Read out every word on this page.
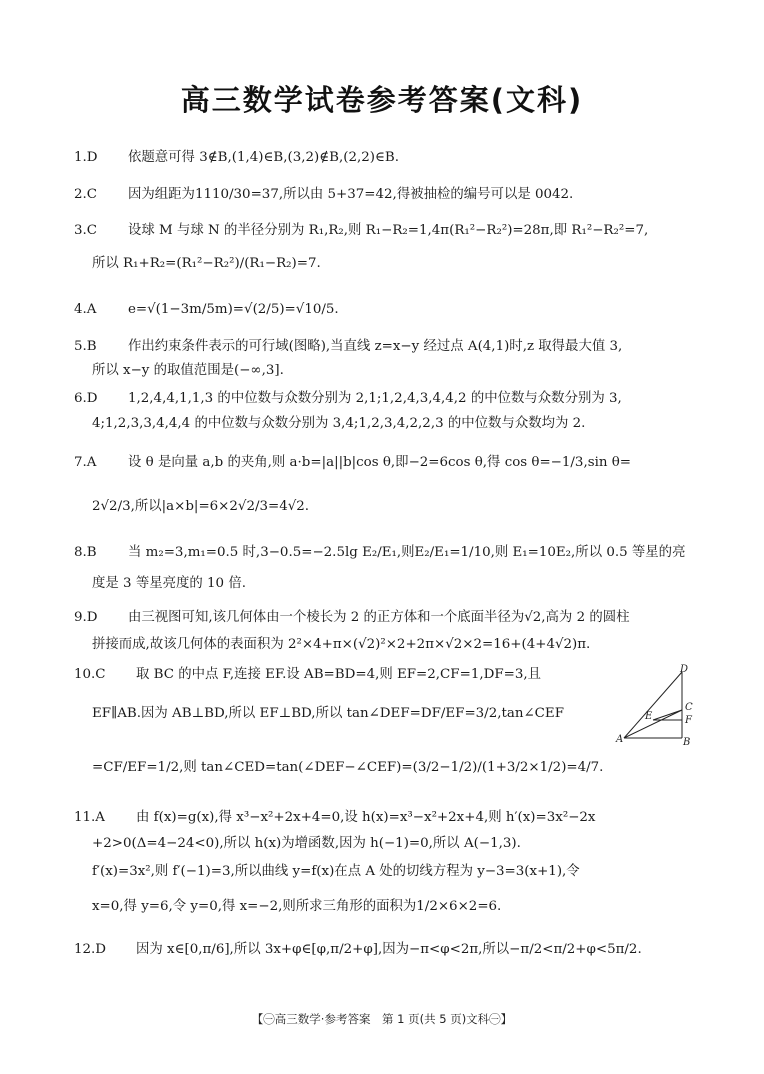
高三数学试卷参考答案(文科)
1.D 依题意可得 3∉B,(1,4)∈B,(3,2)∉B,(2,2)∈B.
2.C 因为组距为1110/30=37,所以由 5+37=42,得被抽检的编号可以是 0042.
3.C 设球 M 与球 N 的半径分别为 R₁,R₂,则 R₁−R₂=1,4π(R₁²−R₂²)=28π,即 R₁²−R₂²=7,
所以 R₁+R₂=(R₁²−R₂²)/(R₁−R₂)=7.
4.A e=√(1−3m/5m)=√(2/5)=√10/5.
5.B 作出约束条件表示的可行域(图略),当直线 z=x−y 经过点 A(4,1)时,z 取得最大值 3,
所以 x−y 的取值范围是(−∞,3].
6.D 1,2,4,4,1,1,3 的中位数与众数分别为 2,1;1,2,4,3,4,4,2 的中位数与众数分别为 3,
4;1,2,3,3,4,4,4 的中位数与众数分别为 3,4;1,2,3,4,2,2,3 的中位数与众数均为 2.
7.A 设 θ 是向量 a,b 的夹角,则 a·b=|a||b|cos θ,即−2=6cos θ,得 cos θ=−1/3,sin θ=
2√2/3,所以|a×b|=6×2√2/3=4√2.
8.B 当 m₂=3,m₁=0.5 时,3−0.5=−2.5lg E₂/E₁,则E₂/E₁=1/10,则 E₁=10E₂,所以 0.5 等星的亮
度是 3 等星亮度的 10 倍.
9.D 由三视图可知,该几何体由一个棱长为 2 的正方体和一个底面半径为√2,高为 2 的圆柱
拼接而成,故该几何体的表面积为 2²×4+π×(√2)²×2+2π×√2×2=16+(4+4√2)π.
10.C 取 BC 的中点 F,连接 EF.设 AB=BD=4,则 EF=2,CF=1,DF=3,且
EF∥AB.因为 AB⊥BD,所以 EF⊥BD,所以 tan∠DEF=DF/EF=3/2,tan∠CEF
=CF/EF=1/2,则 tan∠CED=tan(∠DEF−∠CEF)=(3/2−1/2)/(1+3/2×1/2)=4/7.
D
C
F
E
A	B
11.A 由 f(x)=g(x),得 x³−x²+2x+4=0,设 h(x)=x³−x²+2x+4,则 h′(x)=3x²−2x
+2>0(Δ=4−24<0),所以 h(x)为增函数,因为 h(−1)=0,所以 A(−1,3).
f′(x)=3x²,则 f′(−1)=3,所以曲线 y=f(x)在点 A 处的切线方程为 y−3=3(x+1),令
x=0,得 y=6,令 y=0,得 x=−2,则所求三角形的面积为1/2×6×2=6.
12.D 因为 x∈[0,π/6],所以 3x+φ∈[φ,π/2+φ],因为−π<φ<2π,所以−π/2<π/2+φ<5π/2.
【㊀高三数学·参考答案　第 1 页(共 5 页)文科㊀】
